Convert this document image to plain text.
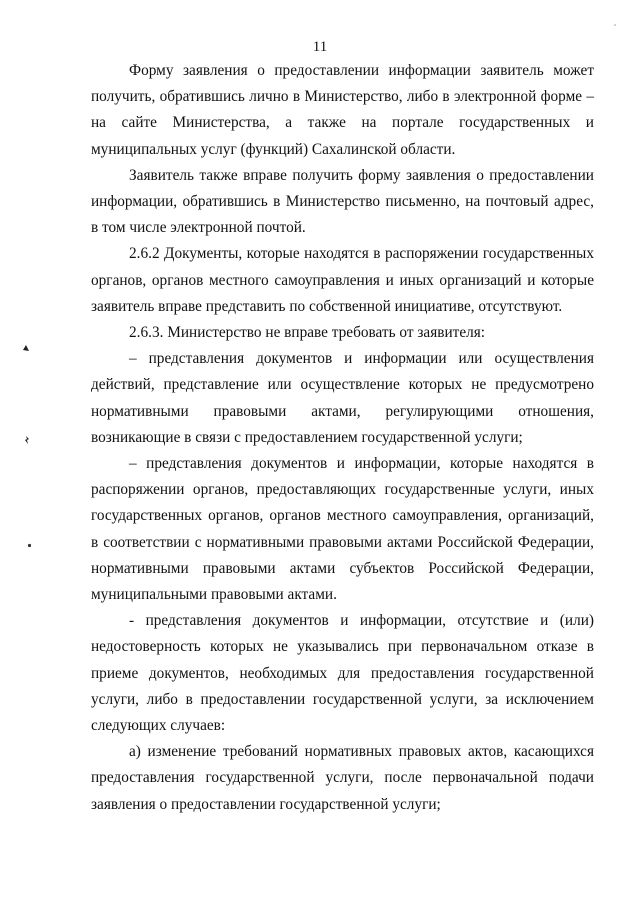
11

Форму заявления о предоставлении информации заявитель может получить, обратившись лично в Министерство, либо в электронной форме – на сайте Министерства, а также на портале государственных и муниципальных услуг (функций) Сахалинской области.

Заявитель также вправе получить форму заявления о предоставлении информации, обратившись в Министерство письменно, на почтовый адрес, в том числе электронной почтой.

2.6.2 Документы, которые находятся в распоряжении государственных органов, органов местного самоуправления и иных организаций и которые заявитель вправе представить по собственной инициативе, отсутствуют.

2.6.3. Министерство не вправе требовать от заявителя:

– представления документов и информации или осуществления действий, представление или осуществление которых не предусмотрено нормативными правовыми актами, регулирующими отношения, возникающие в связи с предоставлением государственной услуги;

– представления документов и информации, которые находятся в распоряжении органов, предоставляющих государственные услуги, иных государственных органов, органов местного самоуправления, организаций, в соответствии с нормативными правовыми актами Российской Федерации, нормативными правовыми актами субъектов Российской Федерации, муниципальными правовыми актами.

- представления документов и информации, отсутствие и (или) недостоверность которых не указывались при первоначальном отказе в приеме документов, необходимых для предоставления государственной услуги, либо в предоставлении государственной услуги, за исключением следующих случаев:

а) изменение требований нормативных правовых актов, касающихся предоставления государственной услуги, после первоначальной подачи заявления о предоставлении государственной услуги;
